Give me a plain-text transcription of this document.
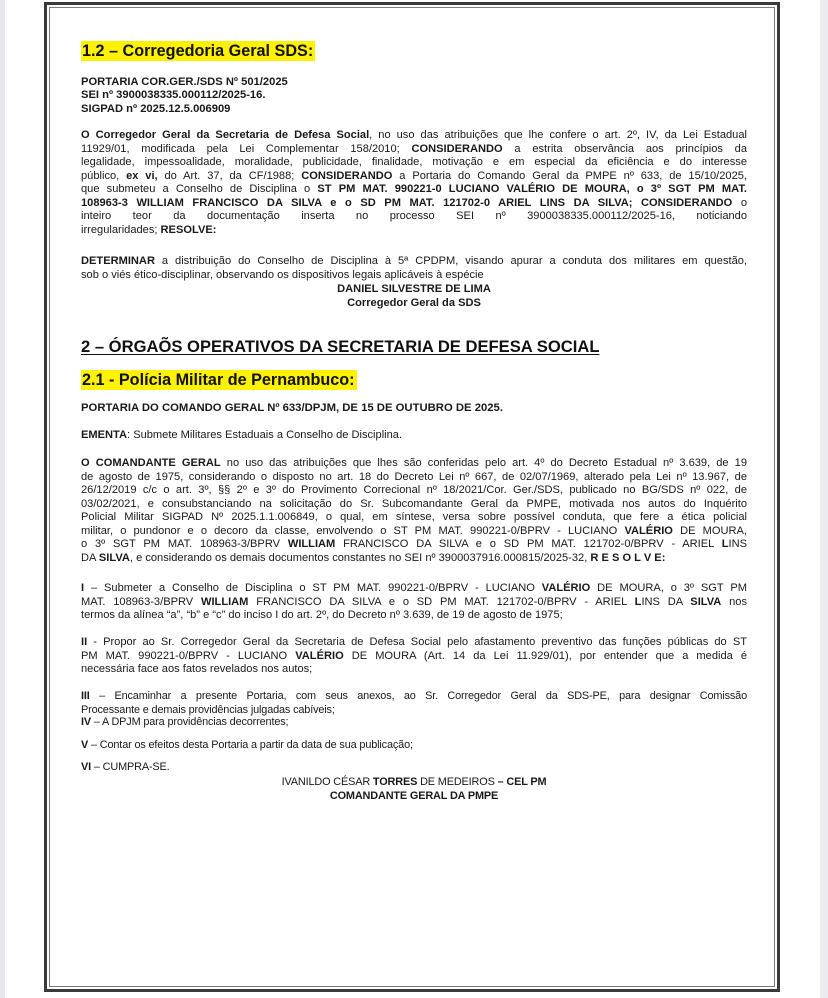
1.2 – Corregedoria Geral SDS:
PORTARIA COR.GER./SDS Nº 501/2025
SEI nº 3900038335.000112/2025-16.
SIGPAD nº 2025.12.5.006909
O Corregedor Geral da Secretaria de Defesa Social, no uso das atribuições que lhe confere o art. 2º, IV, da Lei Estadual
11929/01, modificada pela Lei Complementar 158/2010; CONSIDERANDO a estrita observância aos princípios da
legalidade, impessoalidade, moralidade, publicidade, finalidade, motivação e em especial da eficiência e do interesse
público, ex vi, do Art. 37, da CF/1988; CONSIDERANDO a Portaria do Comando Geral da PMPE nº 633, de 15/10/2025,
que submeteu a Conselho de Disciplina o ST PM MAT. 990221-0 LUCIANO VALÉRIO DE MOURA, o 3º SGT PM MAT.
108963-3 WILLIAM FRANCISCO DA SILVA e o SD PM MAT. 121702-0 ARIEL LINS DA SILVA; CONSIDERANDO o
inteiro teor da documentação inserta no processo SEI nº 3900038335.000112/2025-16, noticiando
irregularidades; RESOLVE:
DETERMINAR a distribuição do Conselho de Disciplina à 5ª CPDPM, visando apurar a conduta dos militares em questão,
sob o viés ético-disciplinar, observando os dispositivos legais aplicáveis à espécie
DANIEL SILVESTRE DE LIMA
Corregedor Geral da SDS
2 – ÓRGAÕS OPERATIVOS DA SECRETARIA DE DEFESA SOCIAL
2.1 - Polícia Militar de Pernambuco:
PORTARIA DO COMANDO GERAL Nº 633/DPJM, DE 15 DE OUTUBRO DE 2025.
EMENTA: Submete Militares Estaduais a Conselho de Disciplina.
O COMANDANTE GERAL no uso das atribuições que lhes são conferidas pelo art. 4º do Decreto Estadual nº 3.639, de 19
de agosto de 1975, considerando o disposto no art. 18 do Decreto Lei nº 667, de 02/07/1969, alterado pela Lei nº 13.967, de
26/12/2019 c/c o art. 3º, §§ 2º e 3º do Provimento Correcional nº 18/2021/Cor. Ger./SDS, publicado no BG/SDS nº 022, de
03/02/2021, e consubstanciando na solicitação do Sr. Subcomandante Geral da PMPE, motivada nos autos do Inquérito
Policial Militar SIGPAD Nº 2025.1.1.006849, o qual, em síntese, versa sobre possível conduta, que fere a ética policial
militar, o pundonor e o decoro da classe, envolvendo o ST PM MAT. 990221-0/BPRV - LUCIANO VALÉRIO DE MOURA,
o 3º SGT PM MAT. 108963-3/BPRV WILLIAM FRANCISCO DA SILVA e o SD PM MAT. 121702-0/BPRV - ARIEL LINS
DA SILVA, e considerando os demais documentos constantes no SEI nº 3900037916.000815/2025-32, R E S O L V E:
I – Submeter a Conselho de Disciplina o ST PM MAT. 990221-0/BPRV - LUCIANO VALÉRIO DE MOURA, o 3º SGT PM
MAT. 108963-3/BPRV WILLIAM FRANCISCO DA SILVA e o SD PM MAT. 121702-0/BPRV - ARIEL LINS DA SILVA nos
termos da alínea “a”, “b” e “c” do inciso I do art. 2º, do Decreto nº 3.639, de 19 de agosto de 1975;
II - Propor ao Sr. Corregedor Geral da Secretaria de Defesa Social pelo afastamento preventivo das funções públicas do ST
PM MAT. 990221-0/BPRV - LUCIANO VALÉRIO DE MOURA (Art. 14 da Lei 11.929/01), por entender que a medida é
necessária face aos fatos revelados nos autos;
III – Encaminhar a presente Portaria, com seus anexos, ao Sr. Corregedor Geral da SDS-PE, para designar Comissão
Processante e demais providências julgadas cabíveis;
IV – A DPJM para providências decorrentes;
V – Contar os efeitos desta Portaria a partir da data de sua publicação;
VI – CUMPRA-SE.
IVANILDO CÉSAR TORRES DE MEDEIROS – CEL PM
COMANDANTE GERAL DA PMPE
